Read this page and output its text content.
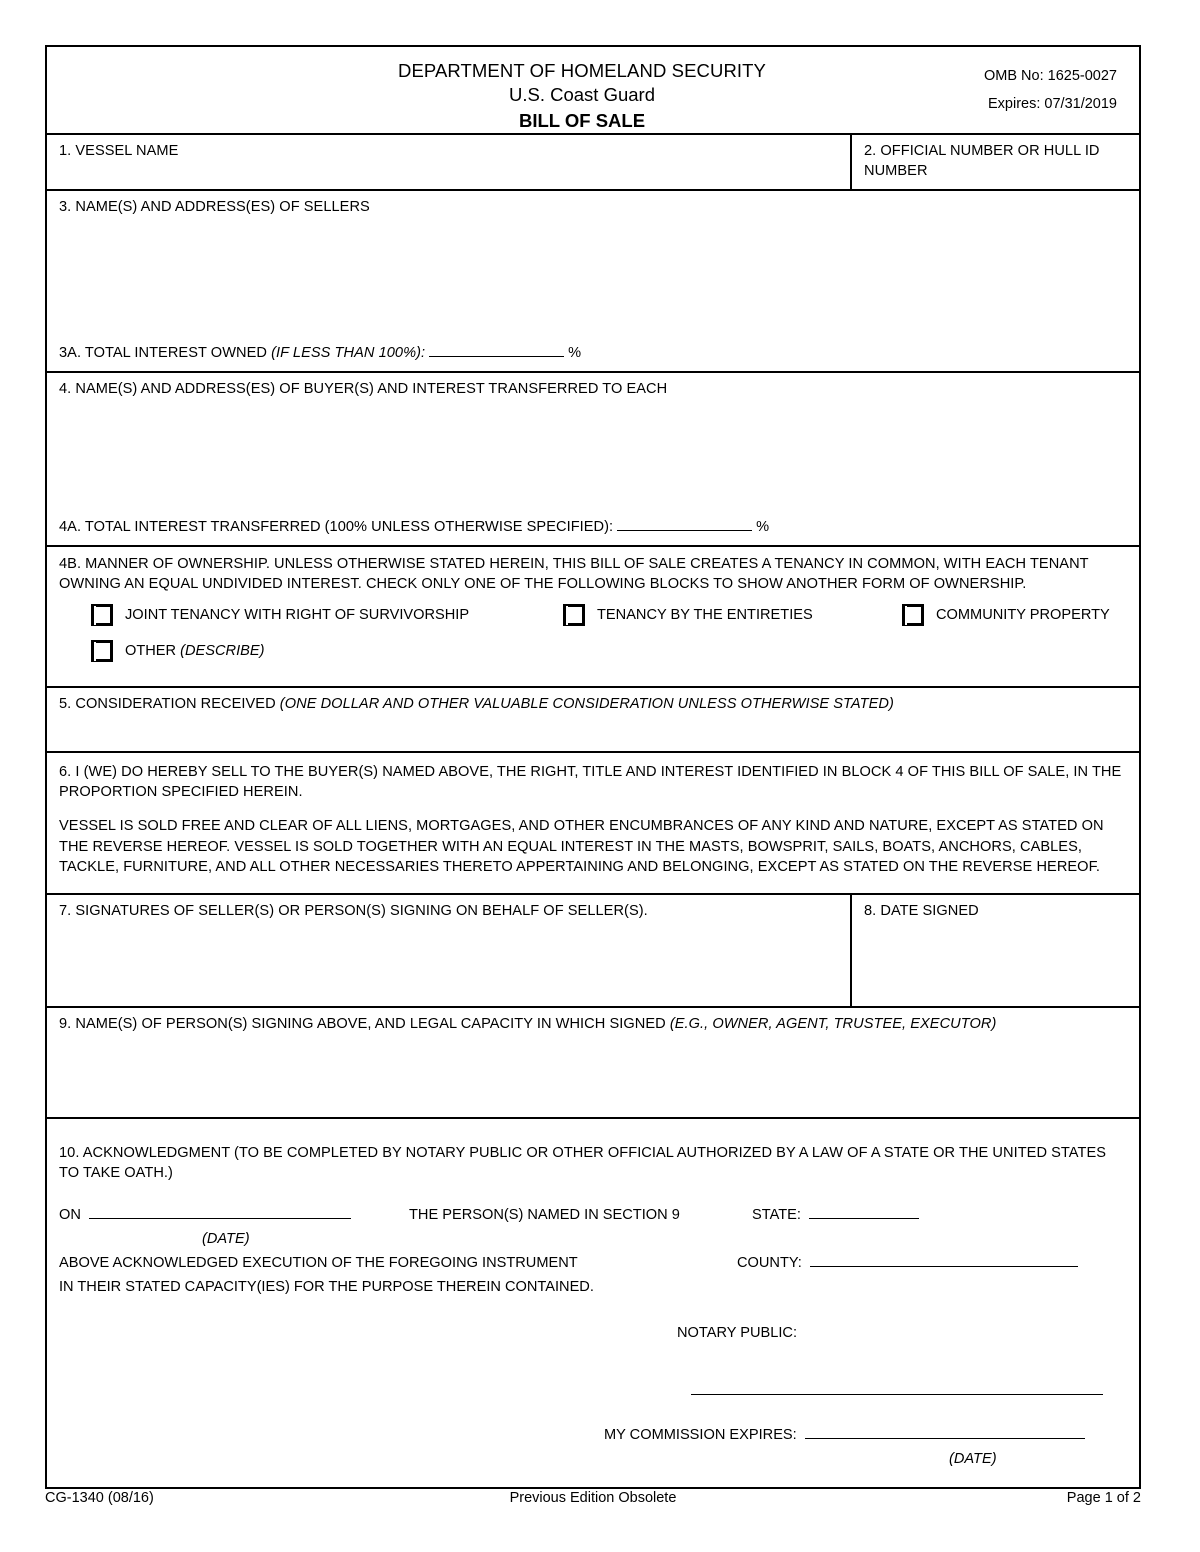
DEPARTMENT OF HOMELAND SECURITY
U.S. Coast Guard
BILL OF SALE
OMB No: 1625-0027
Expires: 07/31/2019
1. VESSEL NAME	2. OFFICIAL NUMBER OR HULL ID NUMBER
3. NAME(S) AND ADDRESS(ES) OF SELLERS
3A. TOTAL INTEREST OWNED (IF LESS THAN 100%):	%
4. NAME(S) AND ADDRESS(ES) OF BUYER(S) AND INTEREST TRANSFERRED TO EACH
4A. TOTAL INTEREST TRANSFERRED (100% UNLESS OTHERWISE SPECIFIED):	%
4B. MANNER OF OWNERSHIP. UNLESS OTHERWISE STATED HEREIN, THIS BILL OF SALE CREATES A TENANCY IN COMMON, WITH EACH TENANT OWNING AN EQUAL UNDIVIDED INTEREST. CHECK ONLY ONE OF THE FOLLOWING BLOCKS TO SHOW ANOTHER FORM OF OWNERSHIP.
JOINT TENANCY WITH RIGHT OF SURVIVORSHIP	TENANCY BY THE ENTIRETIES	COMMUNITY PROPERTY
OTHER (DESCRIBE)
5. CONSIDERATION RECEIVED (ONE DOLLAR AND OTHER VALUABLE CONSIDERATION UNLESS OTHERWISE STATED)
6. I (WE) DO HEREBY SELL TO THE BUYER(S) NAMED ABOVE, THE RIGHT, TITLE AND INTEREST IDENTIFIED IN BLOCK 4 OF THIS BILL OF SALE, IN THE PROPORTION SPECIFIED HEREIN.
VESSEL IS SOLD FREE AND CLEAR OF ALL LIENS, MORTGAGES, AND OTHER ENCUMBRANCES OF ANY KIND AND NATURE, EXCEPT AS STATED ON THE REVERSE HEREOF. VESSEL IS SOLD TOGETHER WITH AN EQUAL INTEREST IN THE MASTS, BOWSPRIT, SAILS, BOATS, ANCHORS, CABLES, TACKLE, FURNITURE, AND ALL OTHER NECESSARIES THERETO APPERTAINING AND BELONGING, EXCEPT AS STATED ON THE REVERSE HEREOF.
7. SIGNATURES OF SELLER(S) OR PERSON(S) SIGNING ON BEHALF OF SELLER(S).	8. DATE SIGNED
9. NAME(S) OF PERSON(S) SIGNING ABOVE, AND LEGAL CAPACITY IN WHICH SIGNED (E.G., OWNER, AGENT, TRUSTEE, EXECUTOR)
10. ACKNOWLEDGMENT (TO BE COMPLETED BY NOTARY PUBLIC OR OTHER OFFICIAL AUTHORIZED BY A LAW OF A STATE OR THE UNITED STATES TO TAKE OATH.)
ON
(DATE)
THE PERSON(S) NAMED IN SECTION 9	STATE:
ABOVE ACKNOWLEDGED EXECUTION OF THE FOREGOING INSTRUMENT	COUNTY:
IN THEIR STATED CAPACITY(IES) FOR THE PURPOSE THEREIN CONTAINED.
NOTARY PUBLIC:
MY COMMISSION EXPIRES:
(DATE)
CG-1340 (08/16)	Previous Edition Obsolete	Page 1 of 2
